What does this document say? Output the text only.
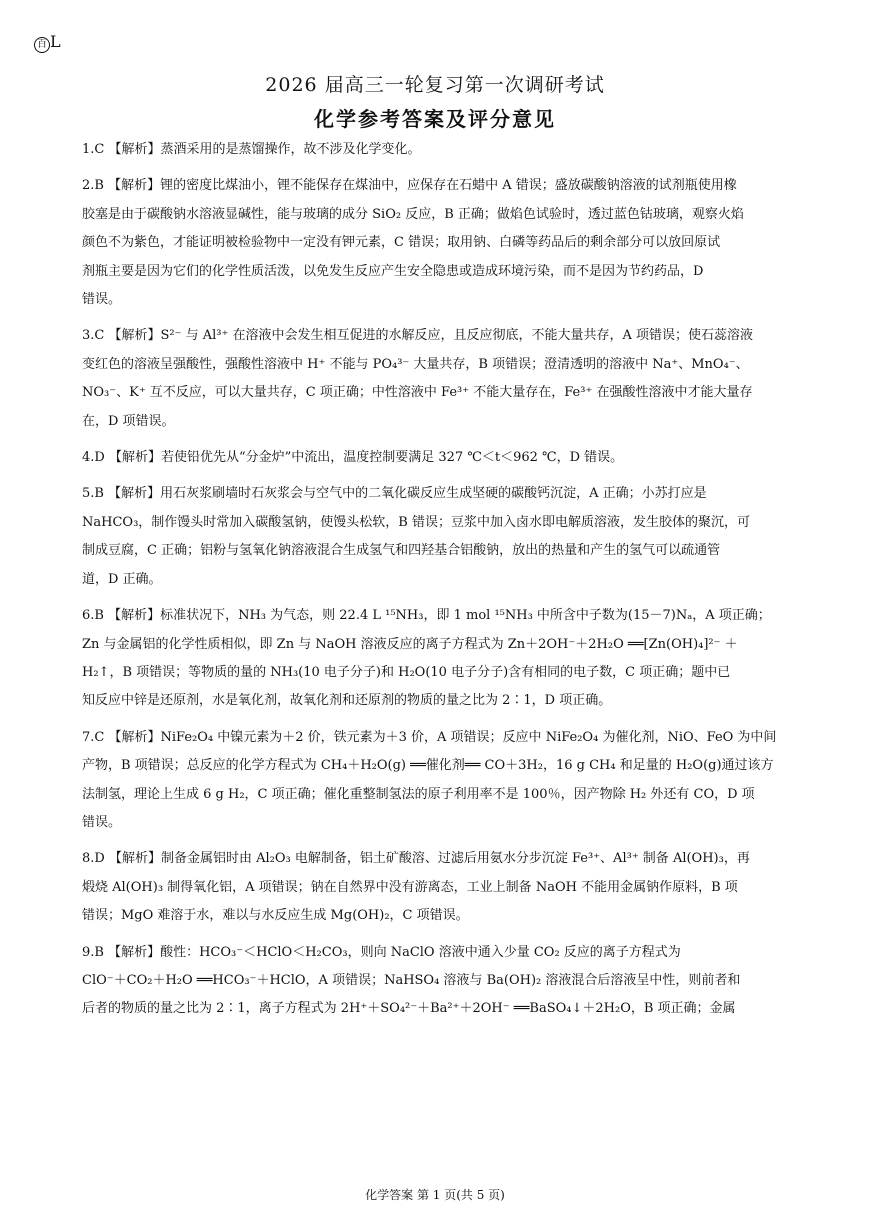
百 L
2026 届高三一轮复习第一次调研考试
化学参考答案及评分意见

1.C 【解析】蒸酒采用的是蒸馏操作，故不涉及化学变化。

2.B 【解析】锂的密度比煤油小，锂不能保存在煤油中，应保存在石蜡中 A 错误；盛放碳酸钠溶液的试剂瓶使用橡

胶塞是由于碳酸钠水溶液显碱性，能与玻璃的成分 SiO₂ 反应，B 正确；做焰色试验时，透过蓝色钴玻璃，观察火焰

颜色不为紫色，才能证明被检验物中一定没有钾元素，C 错误；取用钠、白磷等药品后的剩余部分可以放回原试

剂瓶主要是因为它们的化学性质活泼，以免发生反应产生安全隐患或造成环境污染，而不是因为节约药品，D

错误。

3.C 【解析】S²⁻ 与 Al³⁺ 在溶液中会发生相互促进的水解反应，且反应彻底，不能大量共存，A 项错误；使石蕊溶液

变红色的溶液呈强酸性，强酸性溶液中 H⁺ 不能与 PO₄³⁻ 大量共存，B 项错误；澄清透明的溶液中 Na⁺、MnO₄⁻、

NO₃⁻、K⁺ 互不反应，可以大量共存，C 项正确；中性溶液中 Fe³⁺ 不能大量存在，Fe³⁺ 在强酸性溶液中才能大量存

在，D 项错误。

4.D 【解析】若使铅优先从“分金炉”中流出，温度控制要满足 327 ℃＜t＜962 ℃，D 错误。

5.B 【解析】用石灰浆刷墙时石灰浆会与空气中的二氧化碳反应生成坚硬的碳酸钙沉淀，A 正确；小苏打应是

NaHCO₃，制作馒头时常加入碳酸氢钠，使馒头松软，B 错误；豆浆中加入卤水即电解质溶液，发生胶体的聚沉，可

制成豆腐，C 正确；铝粉与氢氧化钠溶液混合生成氢气和四羟基合铝酸钠，放出的热量和产生的氢气可以疏通管

道，D 正确。

6.B 【解析】标准状况下，NH₃ 为气态，则 22.4 L ¹⁵NH₃，即 1 mol ¹⁵NH₃ 中所含中子数为(15－7)Nₐ，A 项正确；

Zn 与金属铝的化学性质相似，即 Zn 与 NaOH 溶液反应的离子方程式为 Zn＋2OH⁻＋2H₂O ══[Zn(OH)₄]²⁻ ＋

H₂↑，B 项错误；等物质的量的 NH₃(10 电子分子)和 H₂O(10 电子分子)含有相同的电子数，C 项正确；题中已

知反应中锌是还原剂，水是氧化剂，故氧化剂和还原剂的物质的量之比为 2∶1，D 项正确。

7.C 【解析】NiFe₂O₄ 中镍元素为＋2 价，铁元素为＋3 价，A 项错误；反应中 NiFe₂O₄ 为催化剂，NiO、FeO 为中间

产物，B 项错误；总反应的化学方程式为 CH₄＋H₂O(g) ══催化剂══ CO＋3H₂，16 g CH₄ 和足量的 H₂O(g)通过该方

法制氢，理论上生成 6 g H₂，C 项正确；催化重整制氢法的原子利用率不是 100％，因产物除 H₂ 外还有 CO，D 项

错误。

8.D 【解析】制备金属铝时由 Al₂O₃ 电解制备，铝土矿酸溶、过滤后用氨水分步沉淀 Fe³⁺、Al³⁺ 制备 Al(OH)₃，再

煅烧 Al(OH)₃ 制得氧化铝，A 项错误；钠在自然界中没有游离态，工业上制备 NaOH 不能用金属钠作原料，B 项

错误；MgO 难溶于水，难以与水反应生成 Mg(OH)₂，C 项错误。

9.B 【解析】酸性：HCO₃⁻＜HClO＜H₂CO₃，则向 NaClO 溶液中通入少量 CO₂ 反应的离子方程式为

ClO⁻＋CO₂＋H₂O ══HCO₃⁻＋HClO，A 项错误；NaHSO₄ 溶液与 Ba(OH)₂ 溶液混合后溶液呈中性，则前者和

后者的物质的量之比为 2∶1，离子方程式为 2H⁺＋SO₄²⁻＋Ba²⁺＋2OH⁻ ══BaSO₄↓＋2H₂O，B 项正确；金属

化学答案 第 1 页(共 5 页)
